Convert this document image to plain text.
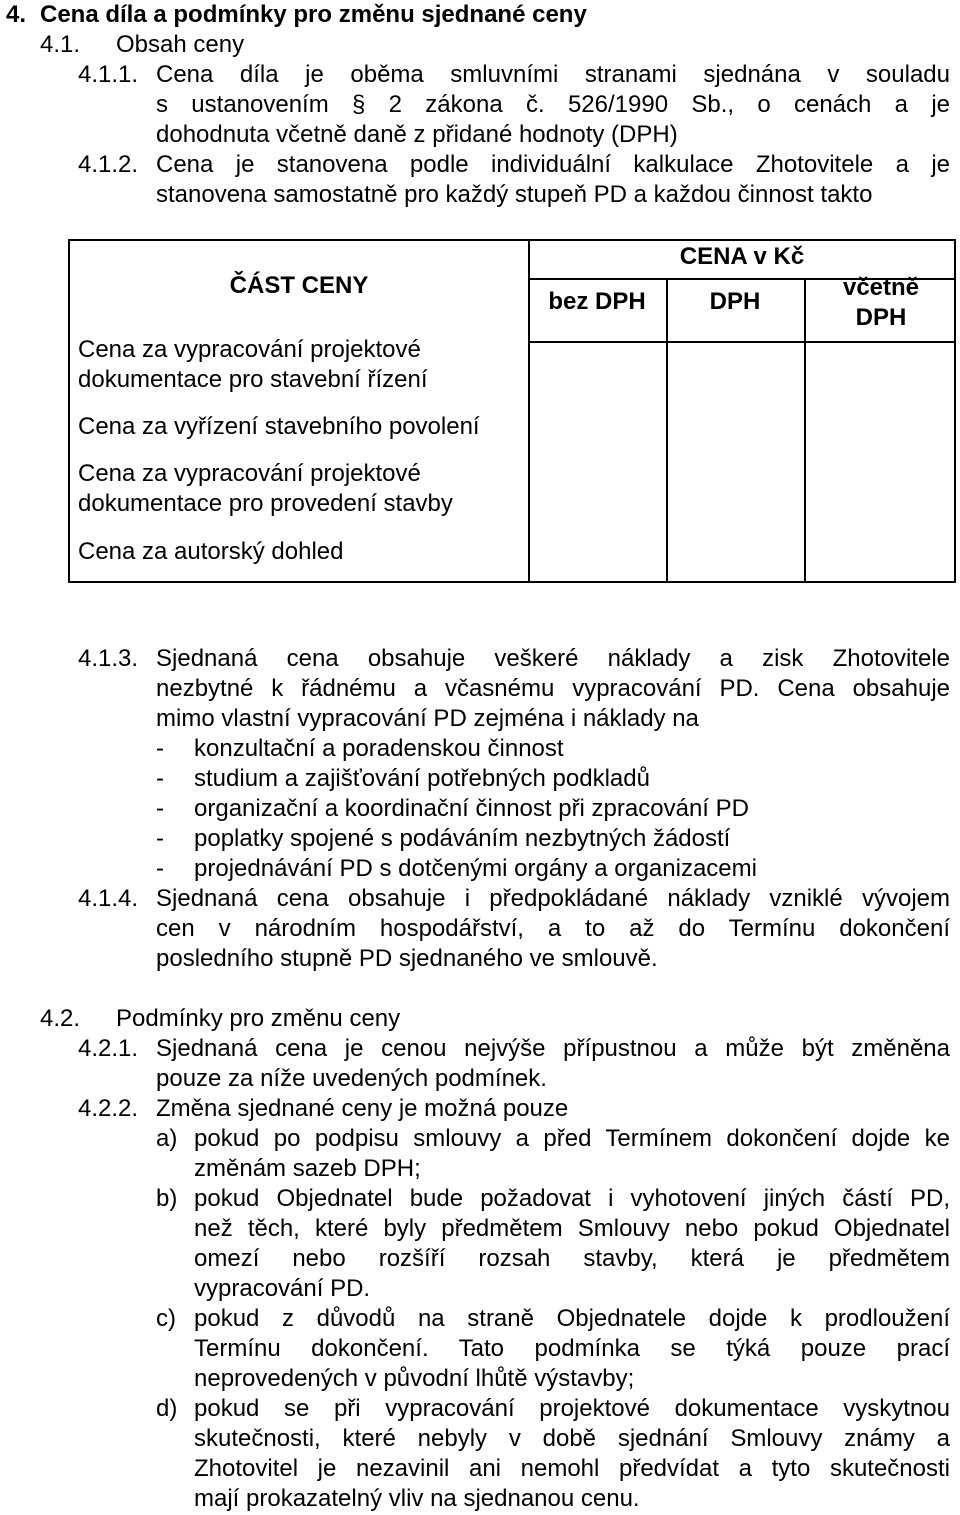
4. Cena díla a podmínky pro změnu sjednané ceny
4.1. Obsah ceny
4.1.1. Cena díla je oběma smluvními stranami sjednána v souladu
s ustanovením § 2 zákona č. 526/1990 Sb., o cenách a je
dohodnuta včetně daně z přidané hodnoty (DPH)
4.1.2. Cena je stanovena podle individuální kalkulace Zhotovitele a je
stanovena samostatně pro každý stupeň PD a každou činnost takto
ČÁST CENY
CENA v Kč
bez DPH	DPH
včetně
DPH
Cena za vypracování projektové
dokumentace pro stavební řízení
Cena za vyřízení stavebního povolení
Cena za vypracování projektové
dokumentace pro provedení stavby
Cena za autorský dohled
4.1.3. Sjednaná cena obsahuje veškeré náklady a zisk Zhotovitele
nezbytné k řádnému a včasnému vypracování PD. Cena obsahuje
mimo vlastní vypracování PD zejména i náklady na
- konzultační a poradenskou činnost
- studium a zajišťování potřebných podkladů
- organizační a koordinační činnost při zpracování PD
- poplatky spojené s podáváním nezbytných žádostí
- projednávání PD s dotčenými orgány a organizacemi
4.1.4. Sjednaná cena obsahuje i předpokládané náklady vzniklé vývojem
cen v národním hospodářství, a to až do Termínu dokončení
posledního stupně PD sjednaného ve smlouvě.
4.2. Podmínky pro změnu ceny
4.2.1. Sjednaná cena je cenou nejvýše přípustnou a může být změněna
pouze za níže uvedených podmínek.
4.2.2. Změna sjednané ceny je možná pouze
a) pokud po podpisu smlouvy a před Termínem dokončení dojde ke
změnám sazeb DPH;
b) pokud Objednatel bude požadovat i vyhotovení jiných částí PD,
než těch, které byly předmětem Smlouvy nebo pokud Objednatel
omezí nebo rozšíří rozsah stavby, která je předmětem
vypracování PD.
c) pokud z důvodů na straně Objednatele dojde k prodloužení
Termínu dokončení. Tato podmínka se týká pouze prací
neprovedených v původní lhůtě výstavby;
d) pokud se při vypracování projektové dokumentace vyskytnou
skutečnosti, které nebyly v době sjednání Smlouvy známy a
Zhotovitel je nezavinil ani nemohl předvídat a tyto skutečnosti
mají prokazatelný vliv na sjednanou cenu.
